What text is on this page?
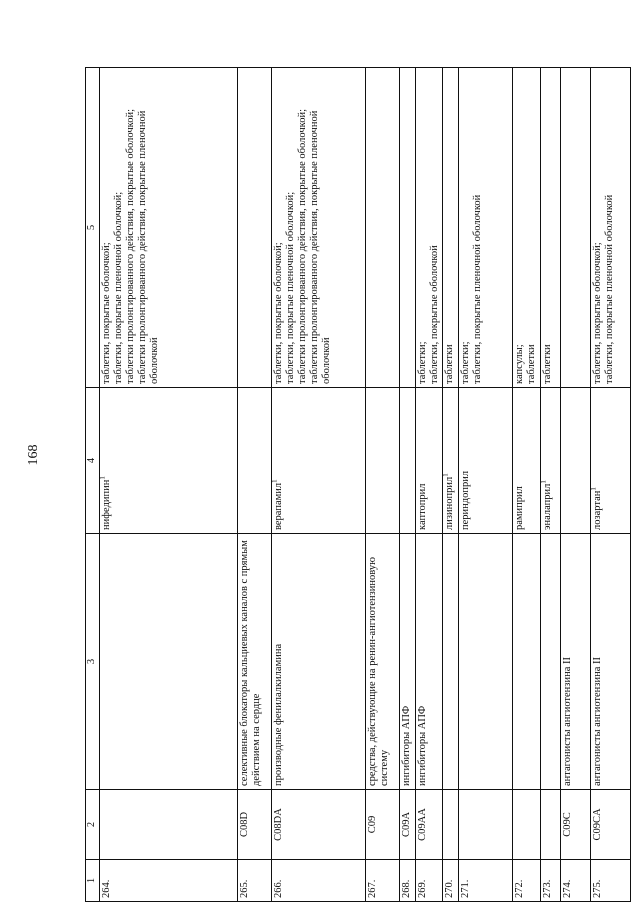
168
1	2	3	4	5
264.			нифедипин$^1$	таблетки, покрытые оболочкой; таблетки, покрытые пленочной оболочкой; таблетки пролонгированного действия, покрытые оболочкой; таблетки пролонгированного действия, покрытые пленочной оболочкой

265.	C08D	селективные блокаторы кальциевых каналов с прямым действием на сердце		
266.	C08DA	производные фенилалкиламина	верапамил$^1$	таблетки, покрытые оболочкой; таблетки, покрытые пленочной оболочкой; таблетки пролонгированного действия, покрытые оболочкой; таблетки пролонгированного действия, покрытые пленочной оболочкой

267.	C09	средства, действующие на ренин-ангиотензиновую систему		
268.	C09A	ингибиторы АПФ		
269.	C09AA	ингибиторы АПФ	каптоприл	таблетки; таблетки, покрытые оболочкой

270.			лизиноприл$^1$	таблетки

271.			периндоприл	таблетки; таблетки, покрытые пленочной оболочкой

272.			рамиприл	капсулы; таблетки

273.			эналаприл$^1$	таблетки

274.	C09C	антагонисты ангиотензина II		
275.	C09CA	антагонисты ангиотензина II	лозартан$^1$	таблетки, покрытые оболочкой; таблетки, покрытые пленочной оболочкой
